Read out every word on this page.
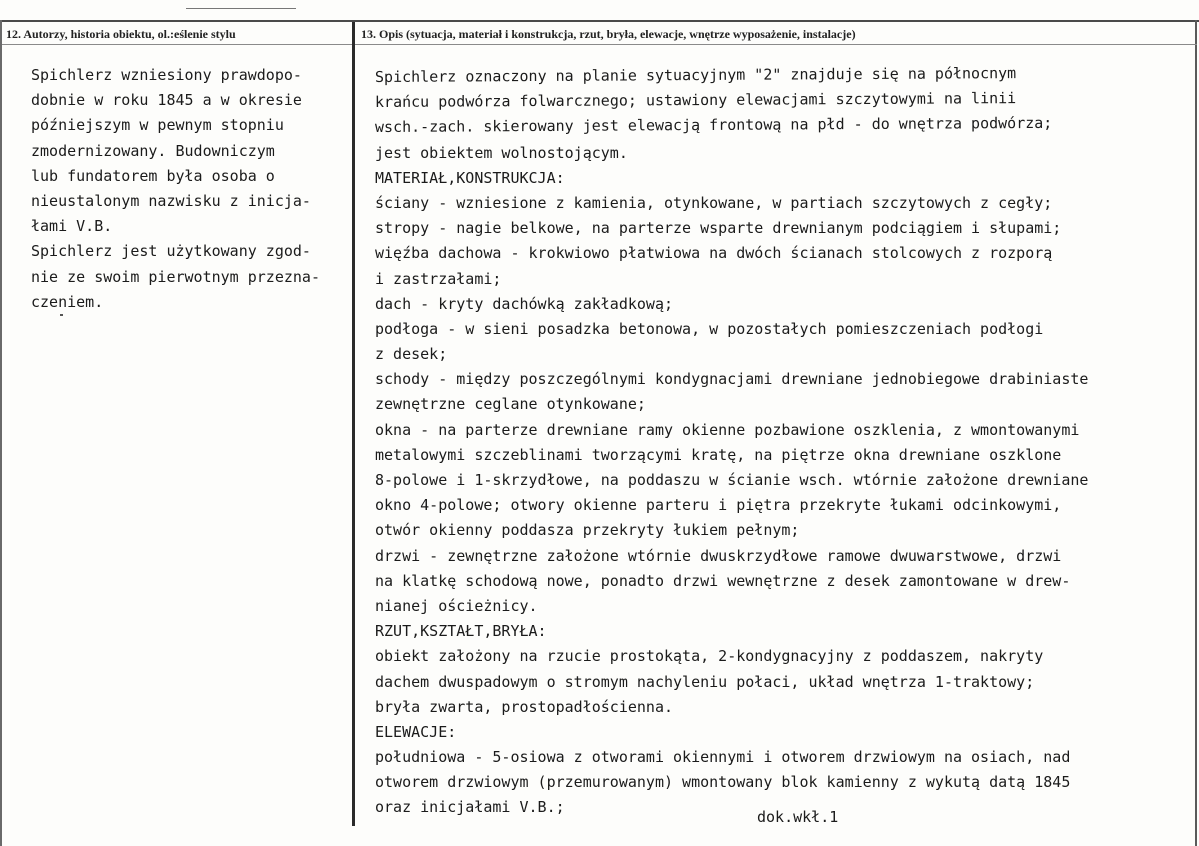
12. Autorzy, historia obiektu, ol.:eślenie stylu	13. Opis (sytuacja, materiał i konstrukcja, rzut, bryła, elewacje, wnętrze wyposażenie, instalacje)
Spichlerz wzniesiony prawdopo-
dobnie w roku 1845 a w okresie
późniejszym w pewnym stopniu
zmodernizowany. Budowniczym
lub fundatorem była osoba o
nieustalonym nazwisku z inicja-
łami V.B.
Spichlerz jest użytkowany zgod-
nie ze swoim pierwotnym przezna-
czeniem.
Spichlerz oznaczony na planie sytuacyjnym "2" znajduje się na północnym
krańcu podwórza folwarcznego; ustawiony elewacjami szczytowymi na linii
wsch.-zach. skierowany jest elewacją frontową na płd - do wnętrza podwórza;
jest obiektem wolnostojącym.
MATERIAŁ,KONSTRUKCJA:
ściany - wzniesione z kamienia, otynkowane, w partiach szczytowych z cegły;
stropy - nagie belkowe, na parterze wsparte drewnianym podciągiem i słupami;
więźba dachowa - krokwiowo płatwiowa na dwóch ścianach stolcowych z rozporą
i zastrzałami;
dach - kryty dachówką zakładkową;
podłoga - w sieni posadzka betonowa, w pozostałych pomieszczeniach podłogi
z desek;
schody - między poszczególnymi kondygnacjami drewniane jednobiegowe drabiniaste
zewnętrzne ceglane otynkowane;
okna - na parterze drewniane ramy okienne pozbawione oszklenia, z wmontowanymi
metalowymi szczeblinami tworzącymi kratę, na piętrze okna drewniane oszklone
8-polowe i 1-skrzydłowe, na poddaszu w ścianie wsch. wtórnie założone drewniane
okno 4-polowe; otwory okienne parteru i piętra przekryte łukami odcinkowymi,
otwór okienny poddasza przekryty łukiem pełnym;
drzwi - zewnętrzne założone wtórnie dwuskrzydłowe ramowe dwuwarstwowe, drzwi
na klatkę schodową nowe, ponadto drzwi wewnętrzne z desek zamontowane w drew-
nianej ościeżnicy.
RZUT,KSZTAŁT,BRYŁA:
obiekt założony na rzucie prostokąta, 2-kondygnacyjny z poddaszem, nakryty
dachem dwuspadowym o stromym nachyleniu połaci, układ wnętrza 1-traktowy;
bryła zwarta, prostopadłościenna.
ELEWACJE:
południowa - 5-osiowa z otworami okiennymi i otworem drzwiowym na osiach, nad
otworem drzwiowym (przemurowanym) wmontowany blok kamienny z wykutą datą 1845
oraz inicjałami V.B.;
dok.wkł.1
